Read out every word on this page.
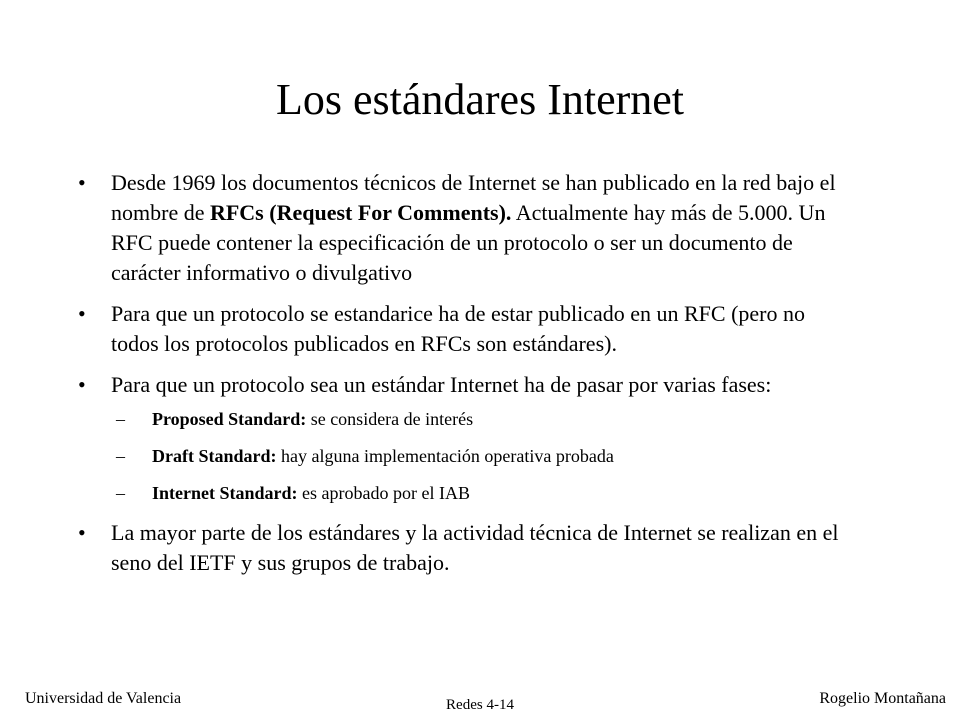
Los estándares Internet
• Desde 1969 los documentos técnicos de Internet se han publicado en la red bajo el nombre de RFCs (Request For Comments). Actualmente hay más de 5.000. Un RFC puede contener la especificación de un protocolo o ser un documento de carácter informativo o divulgativo
• Para que un protocolo se estandarice ha de estar publicado en un RFC (pero no todos los protocolos publicados en RFCs son estándares).
• Para que un protocolo sea un estándar Internet ha de pasar por varias fases:
– Proposed Standard: se considera de interés
– Draft Standard: hay alguna implementación operativa probada
– Internet Standard: es aprobado por el IAB
• La mayor parte de los estándares y la actividad técnica de Internet se realizan en el seno del IETF y sus grupos de trabajo.
Universidad de Valencia	Redes 4-14	Rogelio Montañana
